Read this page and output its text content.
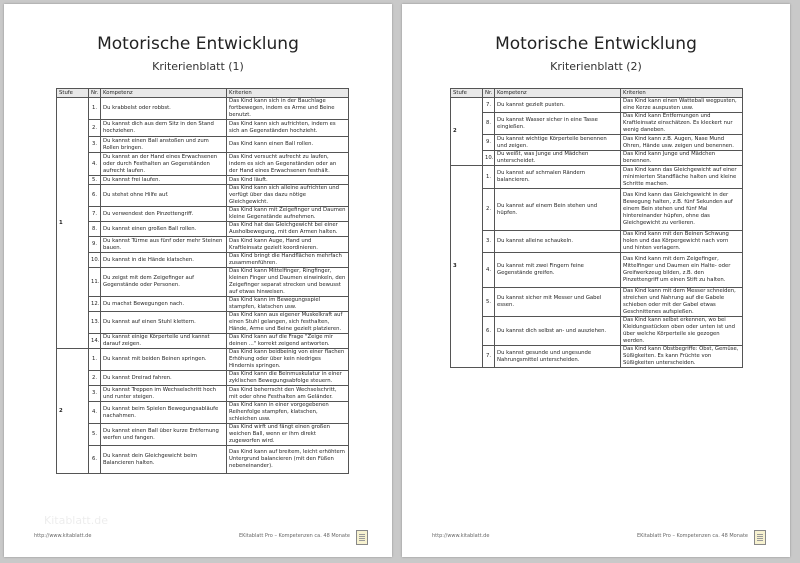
Motorische Entwicklung
Kriterienblatt (1)
Stufe	Nr.	Kompetenz	Kriterien
1	1.	Du krabbelst oder robbst.	Das Kind kann sich in der Bauchlage fortbewegen, indem es Arme und Beine benutzt.
	2.	Du kannst dich aus dem Sitz in den Stand hochziehen.	Das Kind kann sich aufrichten, indem es sich an Gegenständen hochzieht.
	3.	Du kannst einen Ball anstoßen und zum Rollen bringen.	Das Kind kann einen Ball rollen.
	4.	Du kannst an der Hand eines Erwachsenen oder durch Festhalten an Gegenständen aufrecht laufen.	Das Kind versucht aufrecht zu laufen, indem es sich an Gegenständen oder an der Hand eines Erwachsenen festhält.
	5.	Du kannst frei laufen.	Das Kind läuft.
	6.	Du stehst ohne Hilfe auf.	Das Kind kann sich alleine aufrichten und verfügt über das dazu nötige Gleichgewicht.
	7.	Du verwendest den Pinzettengriff.	Das Kind kann mit Zeigefinger und Daumen kleine Gegenstände aufnehmen.
	8.	Du kannst einen großen Ball rollen.	Das Kind hat das Gleichgewicht bei einer Ausholbewegung, mit den Armen halten.
	9.	Du kannst Türme aus fünf oder mehr Steinen bauen.	Das Kind kann Auge, Hand und Kraftleinsatz gezielt koordinieren.
	10.	Du kannst in die Hände klatschen.	Das Kind bringt die Handflächen mehrfach zusammenführen.
	11.	Du zeigst mit dem Zeigefinger auf Gegenstände oder Personen.	Das Kind kann Mittelfinger, Ringfinger, kleinen Finger und Daumen einwinkeln, den Zeigefinger separat strecken und bewusst auf etwas hinweisen.
	12.	Du machst Bewegungen nach.	Das Kind kann im Bewegungsspiel stampfen, klatschen usw.
	13.	Du kannst auf einen Stuhl klettern.	Das Kind kann aus eigener Muskelkraft auf einen Stuhl gelangen, sich festhalten, Hände, Arme und Beine gezielt platzieren.
	14.	Du kannst einige Körperteile und kannst darauf zeigen.	Das Kind kann auf die Frage "Zeige mir deinen ..." korrekt zeigend antworten.
2	1.	Du kannst mit beiden Beinen springen.	Das Kind kann beidbeinig von einer flachen Erhöhung oder über kein niedriges Hindernis springen.
	2.	Du kannst Dreirad fahren.	Das Kind kann die Beinmuskulatur in einer zyklischen Bewegungsabfolge steuern.
	3.	Du kannst Treppen im Wechselschritt hoch und runter steigen.	Das Kind beherrscht den Wechselschritt, mit oder ohne Festhalten am Geländer.
	4.	Du kannst beim Spielen Bewegungsabläufe nachahmen.	Das Kind kann in einer vorgegebenen Reihenfolge stampfen, klatschen, schleichen usw.
	5.	Du kannst einen Ball über kurze Entfernung werfen und fangen.	Das Kind wirft und fängt einen großen weichen Ball, wenn er ihm direkt zugeworfen wird.
	6.	Du kannst dein Gleichgewicht beim Balancieren halten.	Das Kind kann auf breitem, leicht erhöhtem Untergrund balancieren (mit den Füßen nebeneinander).
Kitablatt.de
http://www.kitablatt.de	EKitablatt Pro – Kompetenzen ca. 48 Monate
Motorische Entwicklung
Kriterienblatt (2)
Stufe	Nr.	Kompetenz	Kriterien
2	7.	Du kannst gezielt pusten.	Das Kind kann einen Wattebali wegpusten, eine Kerze auspusten usw.
	8.	Du kannst Wasser sicher in eine Tasse eingießen.	Das Kind kann Entfernungen und Kraftleinsatz einschätzen. Es kleckert nur wenig daneben.
	9.	Du kannst wichtige Körperteile benennen und zeigen.	Das Kind kann z.B. Augen, Nase Mund Ohren, Hände usw. zeigen und benennen.
	10.	Du weißt, was Junge und Mädchen unterscheidet.	Das Kind kann Junge und Mädchen benennen.
3	1.	Du kannst auf schmalen Rändern balancieren.	Das Kind kann das Gleichgewicht auf einer minimierten Standfläche halten und kleine Schritte machen.
	2.	Du kannst auf einem Bein stehen und hüpfen.	Das Kind kann das Gleichgewicht in der Bewegung halten, z.B. fünf Sekunden auf einem Bein stehen und fünf Mal hintereinander hüpfen, ohne das Gleichgewicht zu verlieren.
	3.	Du kannst alleine schaukeln.	Das Kind kann mit den Beinen Schwung holen und das Körpergewicht nach vorn und hinten verlagern.
	4.	Du kannst mit zwei Fingern feine Gegenstände greifen.	Das Kind kann mit dem Zeigefinger, Mittelfinger und Daumen ein Halte- oder Greifwerkzeug bilden, z.B. den Pinzettengriff um einen Stift zu halten.
	5.	Du kannst sicher mit Messer und Gabel essen.	Das Kind kann mit dem Messer schneiden, streichen und Nahrung auf die Gabele schieben oder mit der Gabel etwas Geschnittenes aufspießen.
	6.	Du kannst dich selbst an- und ausziehen.	Das Kind kann selbst erkennen, wo bei Kleidungsstücken oben oder unten ist und über welche Körperteile sie gezogen werden.
	7.	Du kannst gesunde und ungesunde Nahrungsmittel unterscheiden.	Das Kind kann Obstbegriffe: Obst, Gemüse, Süßigkeiten. Es kann Früchte von Süßigkeiten unterscheiden.
http://www.kitablatt.de	EKitablatt Pro – Kompetenzen ca. 48 Monate
